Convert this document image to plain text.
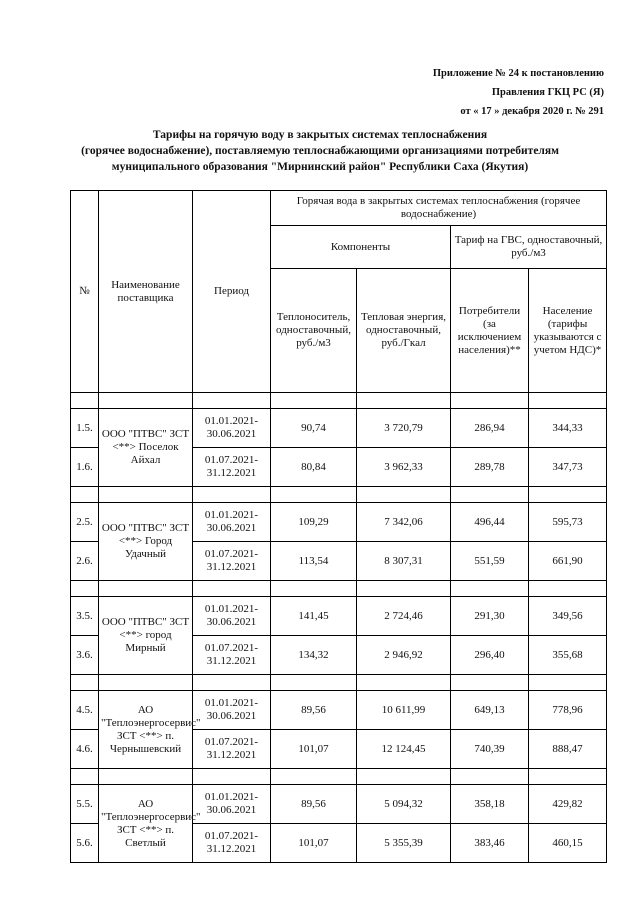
Приложение № 24 к постановлению
Правления ГКЦ РС (Я)
от « 17 » декабря 2020 г. № 291
Тарифы на горячую воду в закрытых системах теплоснабжения
(горячее водоснабжение), поставляемую теплоснабжающими организациями потребителям
муниципального образования "Мирнинский район" Республики Саха (Якутия)
№	Наименование поставщика	Период	Горячая вода в закрытых системах теплоснабжения (горячее водоснабжение)			
			Компоненты		Тариф на ГВС, одноставочный, руб./м3	
			Теплоноситель, одноставочный, руб./м3	Тепловая энергия, одноставочный, руб./Гкал	Потребители (за исключением населения)**	Население (тарифы указываются с учетом НДС)*

1.5.	ООО "ПТВС" ЗСТ <**> Поселок Айхал	01.01.2021-30.06.2021	90,74	3 720,79	286,94	344,33
1.6.		01.07.2021-31.12.2021	80,84	3 962,33	289,78	347,73

2.5.	ООО "ПТВС" ЗСТ <**> Город Удачный	01.01.2021-30.06.2021	109,29	7 342,06	496,44	595,73
2.6.		01.07.2021-31.12.2021	113,54	8 307,31	551,59	661,90

3.5.	ООО "ПТВС" ЗСТ <**> город Мирный	01.01.2021-30.06.2021	141,45	2 724,46	291,30	349,56
3.6.		01.07.2021-31.12.2021	134,32	2 946,92	296,40	355,68

4.5.	АО "Теплоэнергосервис" ЗСТ <**> п. Чернышевский	01.01.2021-30.06.2021	89,56	10 611,99	649,13	778,96
4.6.		01.07.2021-31.12.2021	101,07	12 124,45	740,39	888,47

5.5.	АО "Теплоэнергосервис" ЗСТ <**> п. Светлый	01.01.2021-30.06.2021	89,56	5 094,32	358,18	429,82
5.6.		01.07.2021-31.12.2021	101,07	5 355,39	383,46	460,15
